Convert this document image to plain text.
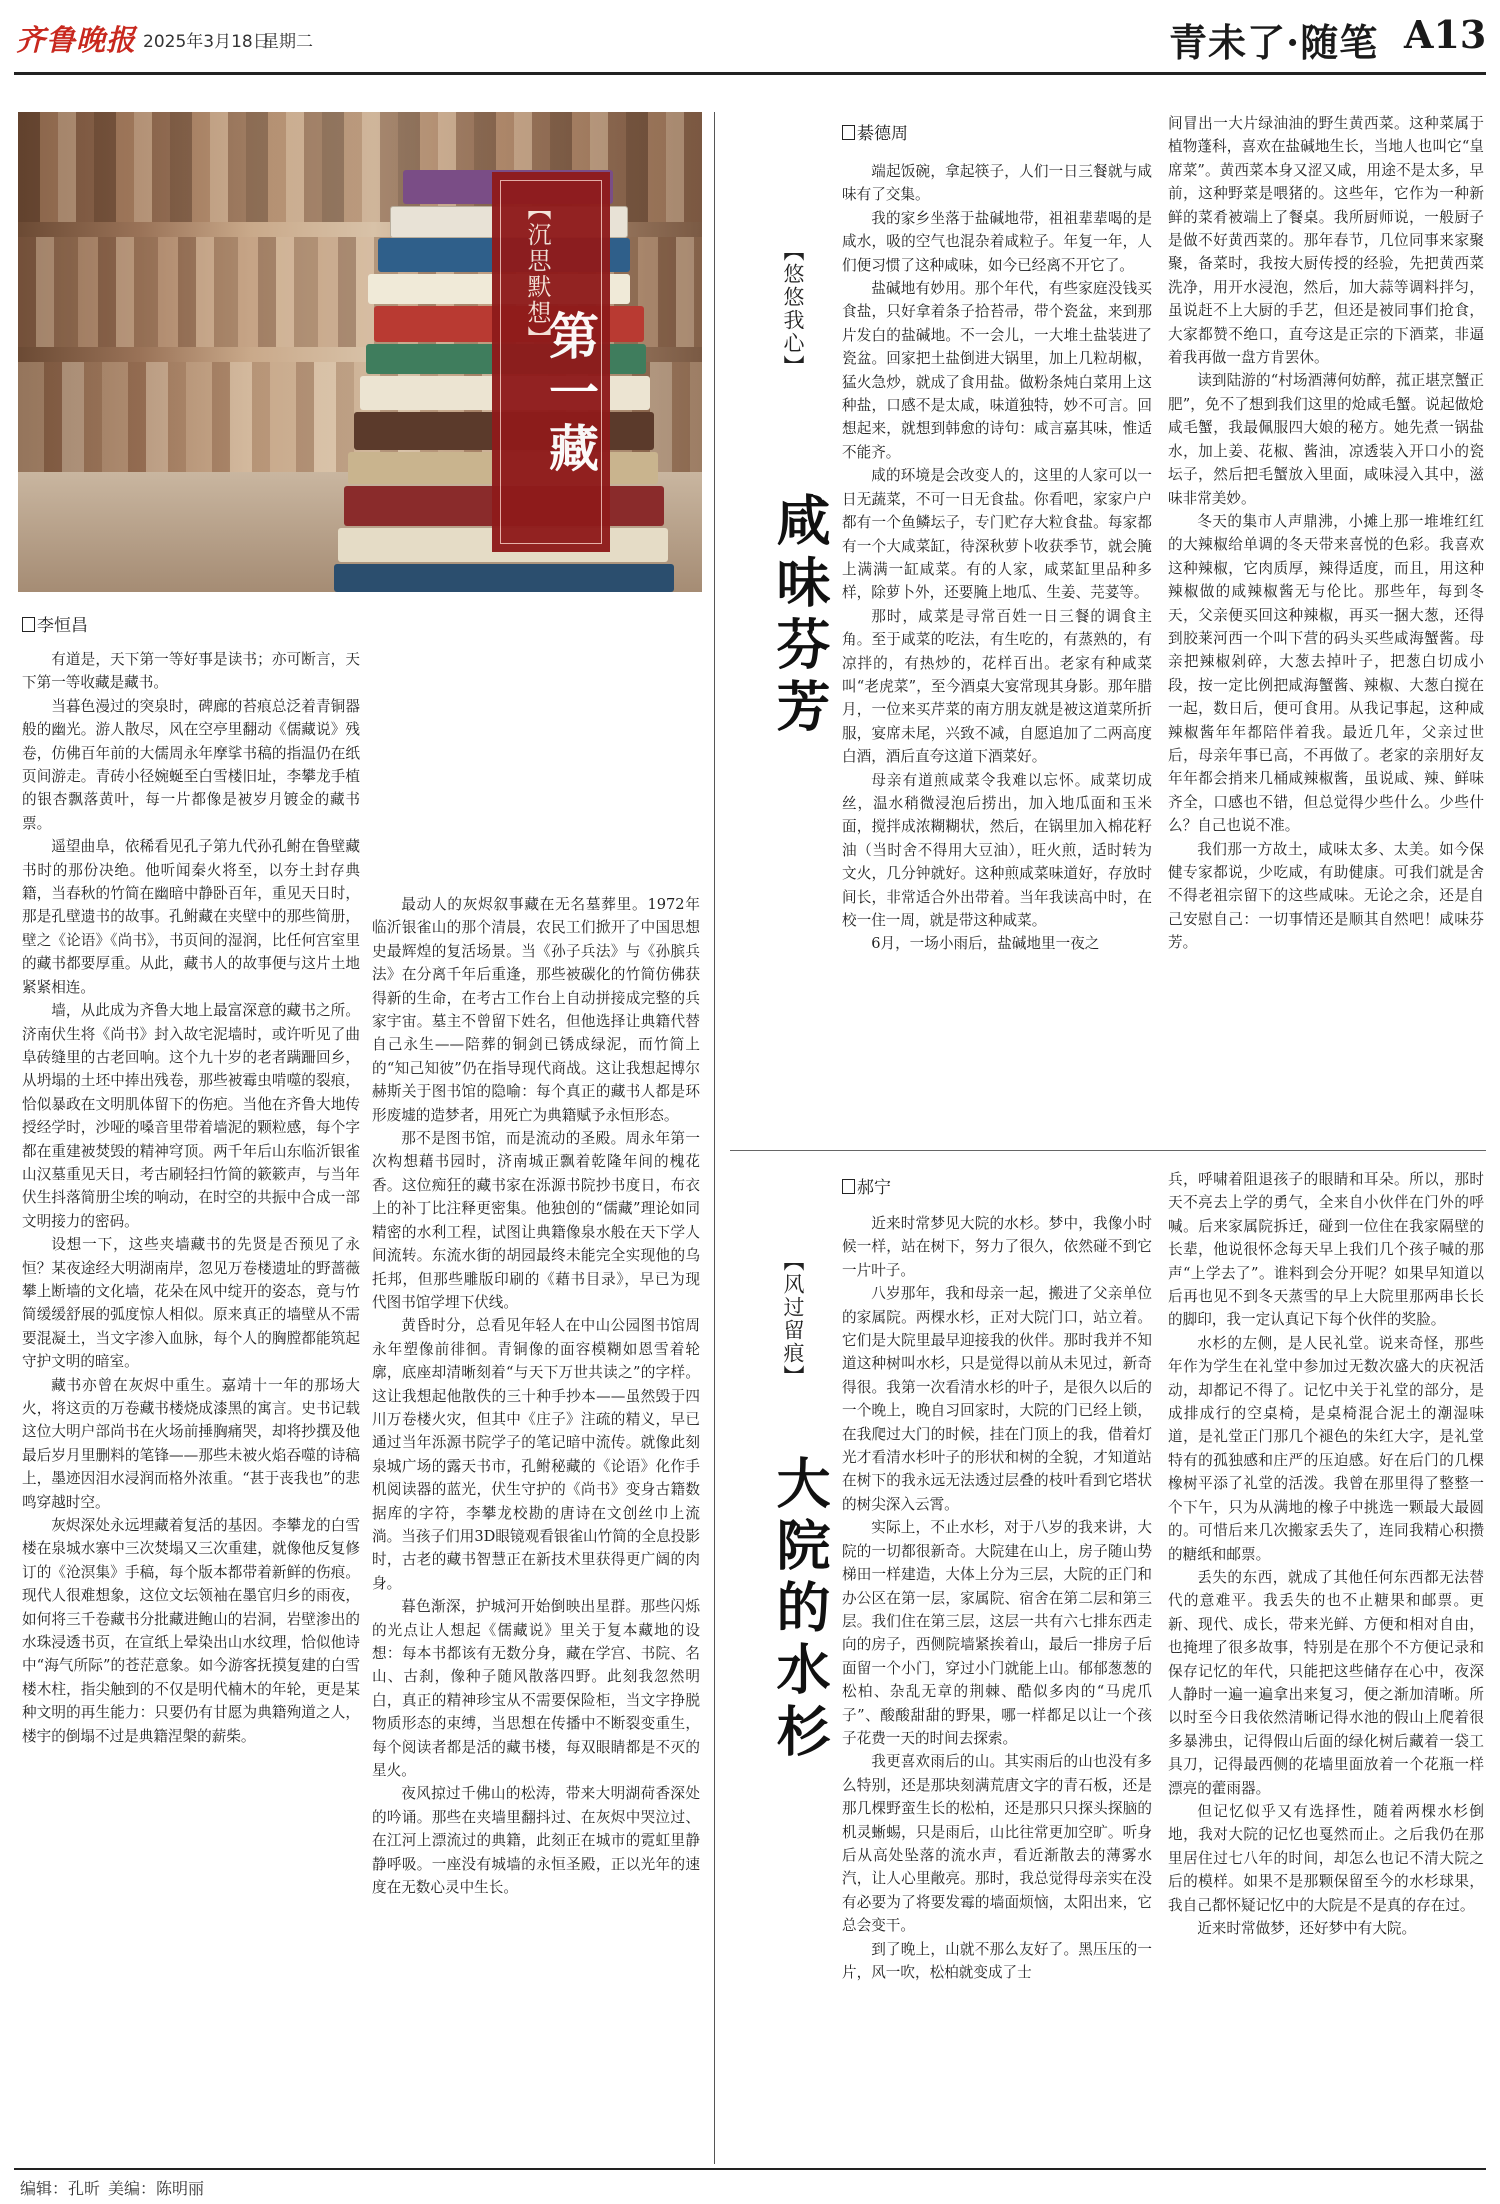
齐鲁晚报 2025年3月18日
星期二	青未了·随笔 A13
【沉思默想】
第一藏
李恒昌

有道是，天下第一等好事是读书；亦可断言，天下第一等收藏是藏书。

当暮色漫过的突泉时，碑廊的苔痕总泛着青铜器般的幽光。游人散尽，风在空亭里翻动《儒藏说》残卷，仿佛百年前的大儒周永年摩挲书稿的指温仍在纸页间游走。青砖小径婉蜒至白雪楼旧址，李攀龙手植的银杏飘落黄叶，每一片都像是被岁月镀金的藏书票。

遥望曲阜，依稀看见孔子第九代孙孔鲋在鲁壁藏书时的那份决绝。他听闻秦火将至，以夯土封存典籍，当春秋的竹简在幽暗中静卧百年，重见天日时，那是孔壁遗书的故事。孔鲋藏在夹壁中的那些简册，壁之《论语》《尚书》，书页间的湿润，比任何宫室里的藏书都要厚重。从此，藏书人的故事便与这片土地紧紧相连。

墙，从此成为齐鲁大地上最富深意的藏书之所。济南伏生将《尚书》封入故宅泥墙时，或许听见了曲阜砖缝里的古老回响。这个九十岁的老者蹒跚回乡，从坍塌的土坯中捧出残卷，那些被霉虫啃噬的裂痕，恰似暴政在文明肌体留下的伤疤。当他在齐鲁大地传授经学时，沙哑的嗓音里带着墙泥的颗粒感，每个字都在重建被焚毁的精神穹顶。两千年后山东临沂银雀山汉墓重见天日，考古刷轻扫竹简的簌簌声，与当年伏生抖落简册尘埃的响动，在时空的共振中合成一部文明接力的密码。

设想一下，这些夹墙藏书的先贤是否预见了永恒？某夜途经大明湖南岸，忽见万卷楼遗址的野蔷薇攀上断墙的文化墙，花朵在风中绽开的姿态，竟与竹简缓缓舒展的弧度惊人相似。原来真正的墙壁从不需要混凝土，当文字渗入血脉，每个人的胸膛都能筑起守护文明的暗室。

藏书亦曾在灰烬中重生。嘉靖十一年的那场大火，将这贡的万卷藏书楼烧成漆黑的寓言。史书记载这位大明户部尚书在火场前捶胸痛哭，却将抄撰及他最后岁月里删料的笔锋——那些未被火焰吞噬的诗稿上，墨迹因泪水浸润而格外浓重。“甚于丧我也”的悲鸣穿越时空。

灰烬深处永远埋藏着复活的基因。李攀龙的白雪楼在泉城水寨中三次焚塌又三次重建，就像他反复修订的《沧溟集》手稿，每个版本都带着新鲜的伤痕。现代人很难想象，这位文坛领袖在墨官归乡的雨夜，如何将三千卷藏书分批藏进鲍山的岩洞，岩壁渗出的水珠浸透书页，在宣纸上晕染出山水纹理，恰似他诗中“海气所际”的苍茫意象。如今游客抚摸复建的白雪楼木柱，指尖触到的不仅是明代楠木的年轮，更是某种文明的再生能力：只要仍有甘愿为典籍殉道之人，楼宇的倒塌不过是典籍涅槃的薪柴。

最动人的灰烬叙事藏在无名墓葬里。1972年临沂银雀山的那个清晨，农民工们掀开了中国思想史最辉煌的复活场景。当《孙子兵法》与《孙膑兵法》在分离千年后重逢，那些被碳化的竹简仿佛获得新的生命，在考古工作台上自动拼接成完整的兵家宇宙。墓主不曾留下姓名，但他选择让典籍代替自己永生——陪葬的铜剑已锈成绿泥，而竹简上的“知己知彼”仍在指导现代商战。这让我想起博尔赫斯关于图书馆的隐喻：每个真正的藏书人都是环形废墟的造梦者，用死亡为典籍赋予永恒形态。

那不是图书馆，而是流动的圣殿。周永年第一次构想藉书园时，济南城正飘着乾隆年间的槐花香。这位痴狂的藏书家在泺源书院抄书度日，布衣上的补丁比注释更密集。他独创的“儒藏”理论如同精密的水利工程，试图让典籍像泉水般在天下学人间流转。东流水街的胡园最终未能完全实现他的乌托邦，但那些雕版印刷的《藉书目录》，早已为现代图书馆学埋下伏线。

黄昏时分，总看见年轻人在中山公园图书馆周永年塑像前徘徊。青铜像的面容模糊如恩雪着轮廓，底座却清晰刻着“与天下万世共读之”的字样。这让我想起他散佚的三十种手抄本——虽然毁于四川万卷楼火灾，但其中《庄子》注疏的精义，早已通过当年泺源书院学子的笔记暗中流传。就像此刻泉城广场的露天书市，孔鲋秘藏的《论语》化作手机阅读器的蓝光，伏生守护的《尚书》变身古籍数据库的字符，李攀龙校勘的唐诗在文创丝巾上流淌。当孩子们用3D眼镜观看银雀山竹简的全息投影时，古老的藏书智慧正在新技术里获得更广阔的肉身。

暮色渐深，护城河开始倒映出星群。那些闪烁的光点让人想起《儒藏说》里关于复本藏地的设想：每本书都该有无数分身，藏在学宫、书院、名山、古刹，像种子随风散落四野。此刻我忽然明白，真正的精神珍宝从不需要保险柜，当文字挣脱物质形态的束缚，当思想在传播中不断裂变重生，每个阅读者都是活的藏书楼，每双眼睛都是不灭的星火。

夜风掠过千佛山的松涛，带来大明湖荷香深处的吟诵。那些在夹墙里翻抖过、在灰烬中哭泣过、在江河上漂流过的典籍，此刻正在城市的霓虹里静静呼吸。一座没有城墙的永恒圣殿，正以光年的速度在无数心灵中生长。

【悠悠我心】
咸味芬芳
綦德周

端起饭碗，拿起筷子，人们一日三餐就与咸味有了交集。

我的家乡坐落于盐碱地带，祖祖辈辈喝的是咸水，吸的空气也混杂着咸粒子。年复一年，人们便习惯了这种咸味，如今已经离不开它了。

盐碱地有妙用。那个年代，有些家庭没钱买食盐，只好拿着条子拾苔帚，带个瓷盆，来到那片发白的盐碱地。不一会儿，一大堆土盐装进了瓷盆。回家把土盐倒进大锅里，加上几粒胡椒，猛火急炒，就成了食用盐。做粉条炖白菜用上这种盐，口感不是太咸，味道独特，妙不可言。回想起来，就想到韩愈的诗句：咸言嘉其味，惟适不能齐。

咸的环境是会改变人的，这里的人家可以一日无蔬菜，不可一日无食盐。你看吧，家家户户都有一个鱼鳞坛子，专门贮存大粒食盐。每家都有一个大咸菜缸，待深秋萝卜收获季节，就会腌上满满一缸咸菜。有的人家，咸菜缸里品种多样，除萝卜外，还要腌上地瓜、生姜、芫荽等。

那时，咸菜是寻常百姓一日三餐的调食主角。至于咸菜的吃法，有生吃的，有蒸熟的，有凉拌的，有热炒的，花样百出。老家有种咸菜叫“老虎菜”，至今酒桌大宴常现其身影。那年腊月，一位来买芹菜的南方朋友就是被这道菜所折服，宴席未尾，兴致不减，自愿追加了二两高度白酒，酒后直夸这道下酒菜好。

母亲有道煎咸菜令我难以忘怀。咸菜切成丝，温水稍微浸泡后捞出，加入地瓜面和玉米面，搅拌成浓糊糊状，然后，在锅里加入棉花籽油（当时舍不得用大豆油），旺火煎，适时转为文火，几分钟就好。这种煎咸菜味道好，存放时间长，非常适合外出带着。当年我读高中时，在校一住一周，就是带这种咸菜。

6月，一场小雨后，盐碱地里一夜之

间冒出一大片绿油油的野生黄西菜。这种菜属于植物蓬科，喜欢在盐碱地生长，当地人也叫它“皇席菜”。黄西菜本身又涩又咸，用途不是太多，早前，这种野菜是喂猪的。这些年，它作为一种新鲜的菜肴被端上了餐桌。我所厨师说，一般厨子是做不好黄西菜的。那年春节，几位同事来家聚聚，备菜时，我按大厨传授的经验，先把黄西菜洗净，用开水浸泡，然后，加大蒜等调料拌匀，虽说赶不上大厨的手艺，但还是被同事们抢食，大家都赞不绝口，直夸这是正宗的下酒菜，非逼着我再做一盘方肯罢休。

读到陆游的“村场酒薄何妨醉，菰正堪烹蟹正肥”，免不了想到我们这里的炝咸毛蟹。说起做炝咸毛蟹，我最佩服四大娘的秘方。她先煮一锅盐水，加上姜、花椒、酱油，凉透装入开口小的瓷坛子，然后把毛蟹放入里面，咸味浸入其中，滋味非常美妙。

冬天的集市人声鼎沸，小摊上那一堆堆红红的大辣椒给单调的冬天带来喜悦的色彩。我喜欢这种辣椒，它肉质厚，辣得适度，而且，用这种辣椒做的咸辣椒酱无与伦比。那些年，每到冬天，父亲便买回这种辣椒，再买一捆大葱，还得到胶莱河西一个叫下营的码头买些咸海蟹酱。母亲把辣椒剁碎，大葱去掉叶子，把葱白切成小段，按一定比例把咸海蟹酱、辣椒、大葱白搅在一起，数日后，便可食用。从我记事起，这种咸辣椒酱年年都陪伴着我。最近几年，父亲过世后，母亲年事已高，不再做了。老家的亲朋好友年年都会捎来几桶咸辣椒酱，虽说咸、辣、鲜味齐全，口感也不错，但总觉得少些什么。少些什么？自己也说不准。

我们那一方故土，咸味太多、太美。如今保健专家都说，少吃咸，有助健康。可我们就是舍不得老祖宗留下的这些咸味。无论之余，还是自己安慰自己：一切事情还是顺其自然吧！咸味芬芳。

【风过留痕】
大院的水杉
郝宁

近来时常梦见大院的水杉。梦中，我像小时候一样，站在树下，努力了很久，依然碰不到它一片叶子。

八岁那年，我和母亲一起，搬进了父亲单位的家属院。两棵水杉，正对大院门口，站立着。它们是大院里最早迎接我的伙伴。那时我并不知道这种树叫水杉，只是觉得以前从未见过，新奇得很。我第一次看清水杉的叶子，是很久以后的一个晚上，晚自习回家时，大院的门已经上锁，在我爬过大门的时候，挂在门顶上的我，借着灯光才看清水杉叶子的形状和树的全貌，才知道站在树下的我永远无法透过层叠的枝叶看到它塔状的树尖深入云霄。

实际上，不止水杉，对于八岁的我来讲，大院的一切都很新奇。大院建在山上，房子随山势梯田一样建造，大体上分为三层，大院的正门和办公区在第一层，家属院、宿舍在第二层和第三层。我们住在第三层，这层一共有六七排东西走向的房子，西侧院墙紧挨着山，最后一排房子后面留一个小门，穿过小门就能上山。郁郁葱葱的松柏、杂乱无章的荆棘、酷似多肉的“马虎爪子”、酸酸甜甜的野果，哪一样都足以让一个孩子花费一天的时间去探索。

我更喜欢雨后的山。其实雨后的山也没有多么特别，还是那块刻满荒唐文字的青石板，还是那几棵野蛮生长的松柏，还是那只只探头探脑的机灵蜥蜴，只是雨后，山比往常更加空旷。听身后从高处坠落的流水声，看近渐散去的薄雾水汽，让人心里敞亮。那时，我总觉得母亲实在没有必要为了将要发霉的墙面烦恼，太阳出来，它总会变干。

到了晚上，山就不那么友好了。黑压压的一片，风一吹，松柏就变成了士

兵，呼啸着阻退孩子的眼睛和耳朵。所以，那时天不亮去上学的勇气，全来自小伙伴在门外的呼喊。后来家属院拆迁，碰到一位住在我家隔壁的长辈，他说很怀念每天早上我们几个孩子喊的那声“上学去了”。谁料到会分开呢？如果早知道以后再也见不到冬天蒸雪的早上大院里那两串长长的脚印，我一定认真记下每个伙伴的奖脸。

水杉的左侧，是人民礼堂。说来奇怪，那些年作为学生在礼堂中参加过无数次盛大的庆祝活动，却都记不得了。记忆中关于礼堂的部分，是成排成行的空桌椅，是桌椅混合泥土的潮湿味道，是礼堂正门那几个褪色的朱红大字，是礼堂特有的孤独感和庄严的压迫感。好在后门的几棵橡树平添了礼堂的活泼。我曾在那里得了整整一个下午，只为从满地的橡子中挑选一颗最大最圆的。可惜后来几次搬家丢失了，连同我精心积攒的糖纸和邮票。

丢失的东西，就成了其他任何东西都无法替代的意难平。我丢失的也不止糖果和邮票。更新、现代、成长，带来光鲜、方便和相对自由，也掩埋了很多故事，特别是在那个不方便记录和保存记忆的年代，只能把这些储存在心中，夜深人静时一遍一遍拿出来复习，便之渐加清晰。所以时至今日我依然清晰记得水池的假山上爬着很多暴沸虫，记得假山后面的绿化树后藏着一袋工具刀，记得最西侧的花墙里面放着一个花瓶一样漂亮的藿雨器。

但记忆似乎又有选择性，随着两棵水杉倒地，我对大院的记忆也戛然而止。之后我仍在那里居住过七八年的时间，却怎么也记不清大院之后的模样。如果不是那颗保留至今的水杉球果，我自己都怀疑记忆中的大院是不是真的存在过。

近来时常做梦，还好梦中有大院。

编辑：孔昕 美编：陈明丽
